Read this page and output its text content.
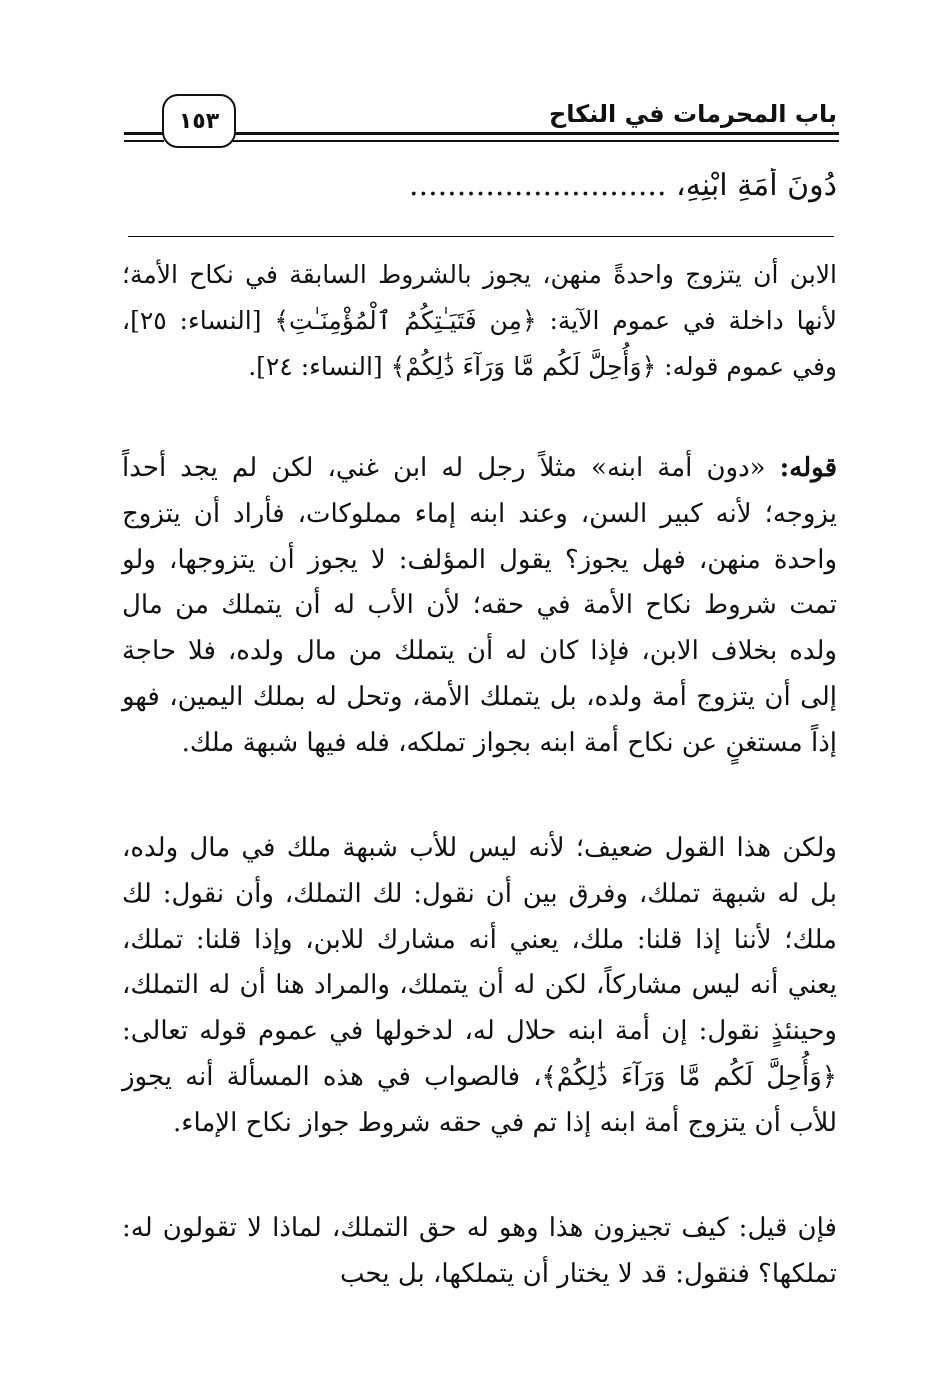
باب المحرمات في النكاح
١٥٣
دُونَ أَمَةِ ابْنِهِ، ...........................

الابن أن يتزوج واحدةً منهن، يجوز بالشروط السابقة في نكاح الأمة؛ لأنها داخلة في عموم الآية: ﴿مِن فَتَيَـٰتِكُمُ ٱلْمُؤْمِنَـٰتِ﴾ [النساء: ٢٥]، وفي عموم قوله: ﴿وَأُحِلَّ لَكُم مَّا وَرَآءَ ذَٰلِكُمْ﴾ [النساء: ٢٤].

قوله: «دون أمة ابنه» مثلاً رجل له ابن غني، لكن لم يجد أحداً يزوجه؛ لأنه كبير السن، وعند ابنه إماء مملوكات، فأراد أن يتزوج واحدة منهن، فهل يجوز؟ يقول المؤلف: لا يجوز أن يتزوجها، ولو تمت شروط نكاح الأمة في حقه؛ لأن الأب له أن يتملك من مال ولده بخلاف الابن، فإذا كان له أن يتملك من مال ولده، فلا حاجة إلى أن يتزوج أمة ولده، بل يتملك الأمة، وتحل له بملك اليمين، فهو إذاً مستغنٍ عن نكاح أمة ابنه بجواز تملكه، فله فيها شبهة ملك.

ولكن هذا القول ضعيف؛ لأنه ليس للأب شبهة ملك في مال ولده، بل له شبهة تملك، وفرق بين أن نقول: لك التملك، وأن نقول: لك ملك؛ لأننا إذا قلنا: ملك، يعني أنه مشارك للابن، وإذا قلنا: تملك، يعني أنه ليس مشاركاً، لكن له أن يتملك، والمراد هنا أن له التملك، وحينئذٍ نقول: إن أمة ابنه حلال له، لدخولها في عموم قوله تعالى: ﴿وَأُحِلَّ لَكُم مَّا وَرَآءَ ذَٰلِكُمْ﴾، فالصواب في هذه المسألة أنه يجوز للأب أن يتزوج أمة ابنه إذا تم في حقه شروط جواز نكاح الإماء.

فإن قيل: كيف تجيزون هذا وهو له حق التملك، لماذا لا تقولون له: تملكها؟ فنقول: قد لا يختار أن يتملكها، بل يحب
